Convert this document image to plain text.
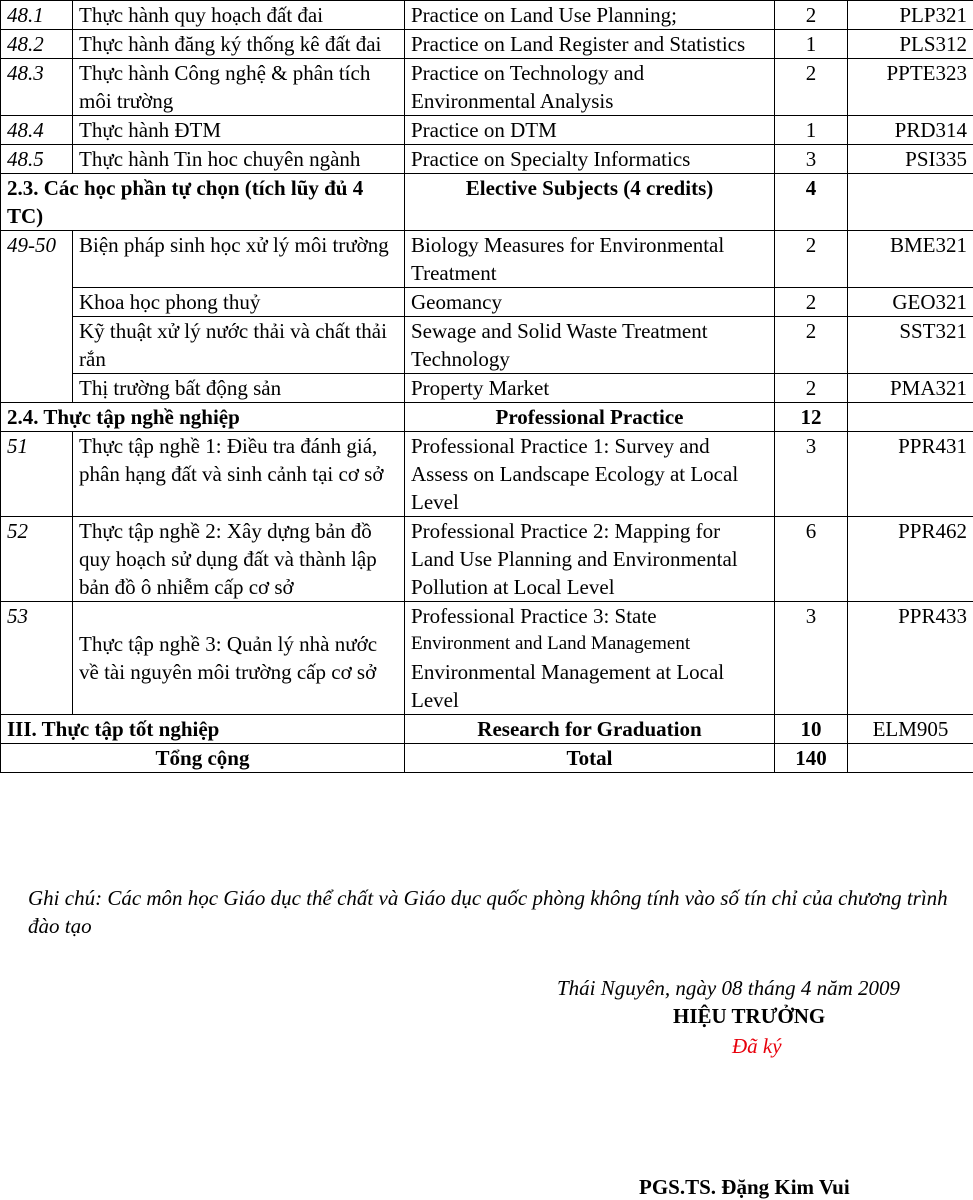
48.1	Thực hành quy hoạch đất đai	Practice on Land Use Planning;	2	PLP321
48.2	Thực hành đăng ký thống kê đất đai	Practice on Land Register and Statistics	1	PLS312
48.3	Thực hành Công nghệ & phân tích môi trường	Practice on Technology and Environmental Analysis	2	PPTE323
48.4	Thực hành ĐTM	Practice on DTM	1	PRD314
48.5	Thực hành Tin hoc chuyên ngành	Practice on Specialty Informatics	3	PSI335
2.3. Các học phần tự chọn (tích lũy đủ 4 TC)		Elective Subjects (4 credits)	4	
49-50	Biện pháp sinh học xử lý môi trường	Biology Measures for Environmental Treatment	2	BME321
	Khoa học phong thuỷ	Geomancy	2	GEO321
	Kỹ thuật xử lý nước thải và chất thải rắn	Sewage and Solid Waste Treatment Technology	2	SST321
	Thị trường bất động sản	Property Market	2	PMA321
2.4. Thực tập nghề nghiệp		Professional Practice	12	
51	Thực tập nghề 1: Điều tra đánh giá, phân hạng đất và sinh cảnh tại cơ sở	Professional Practice 1: Survey and Assess on Landscape Ecology at Local Level	3	PPR431
52	Thực tập nghề 2: Xây dựng bản đồ quy hoạch sử dụng đất và thành lập bản đồ ô nhiễm cấp cơ sở	Professional Practice 2: Mapping for Land Use Planning and Environmental Pollution at Local Level	6	PPR462
53	Thực tập nghề 3: Quản lý nhà nước về tài nguyên môi trường cấp cơ sở	Professional Practice 3: State
Environment and Land Management
Environmental Management at Local Level	3	PPR433
III. Thực tập tốt nghiệp		Research for Graduation	10	ELM905
Tổng cộng		Total	140	
Ghi chú: Các môn học Giáo dục thể chất và Giáo dục quốc phòng không tính vào số tín chỉ của chương trình đào tạo
Thái Nguyên, ngày 08 tháng 4 năm 2009
HIỆU TRƯỞNG
Đã ký
PGS.TS. Đặng Kim Vui
